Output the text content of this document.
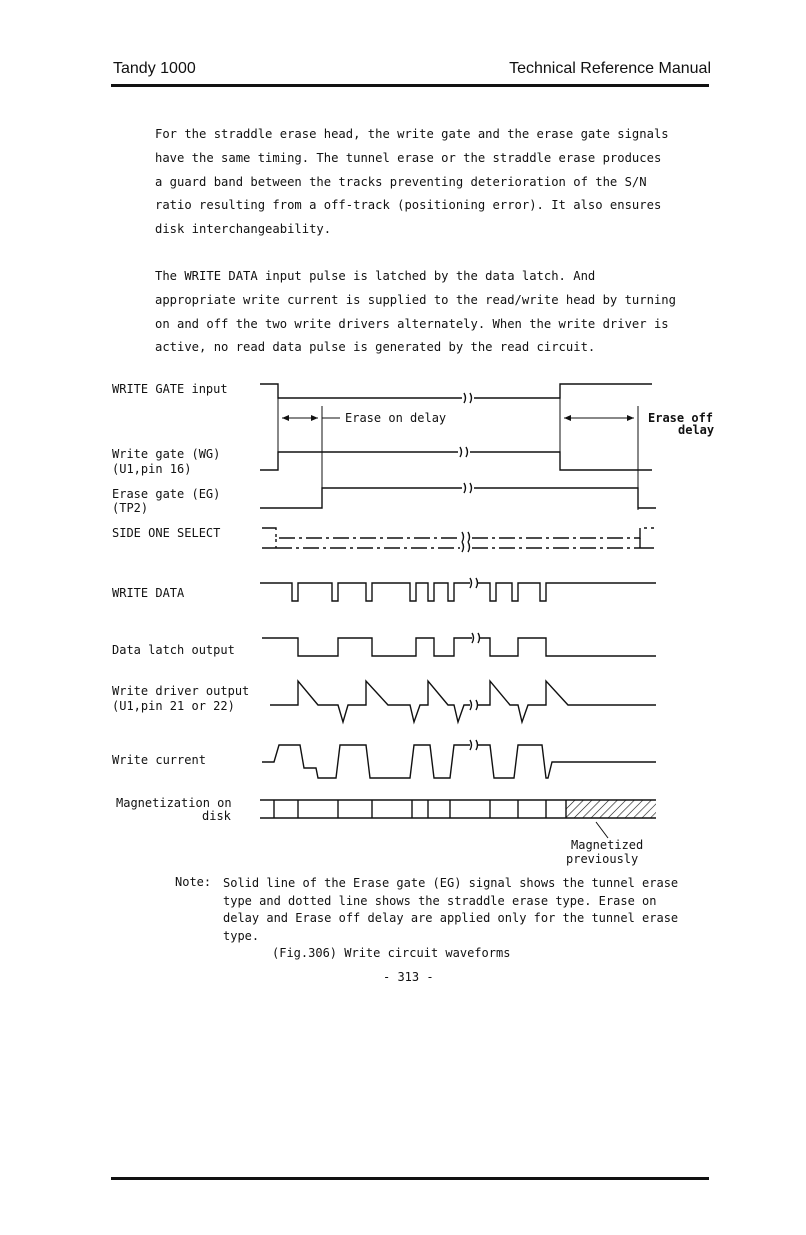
Tandy 1000	Technical Reference Manual

For the straddle erase head, the write gate and the erase gate signals

have the same timing. The tunnel erase or the straddle erase produces

a guard band between the tracks preventing deterioration of the S/N

ratio resulting from a off-track (positioning error). It also ensures

disk interchangeability.

The WRITE DATA input pulse is latched by the data latch. And

appropriate write current is supplied to the read/write head by turning

on and off the two write drivers alternately. When the write driver is

active, no read data pulse is generated by the read circuit.

WRITE GATE input
Write gate (WG)
(U1,pin 16)
Erase gate (EG)
(TP2)
SIDE ONE SELECT
WRITE DATA
Data latch output
Write driver output
(U1,pin 21 or 22)
Write current
Magnetization on
disk
Erase on delay	Erase off
delay
Magnetized
previously
Note: Solid line of the Erase gate (EG) signal shows the tunnel erase

type and dotted line shows the straddle erase type. Erase on

delay and Erase off delay are applied only for the tunnel erase

type.

(Fig.306) Write circuit waveforms
- 313 -
